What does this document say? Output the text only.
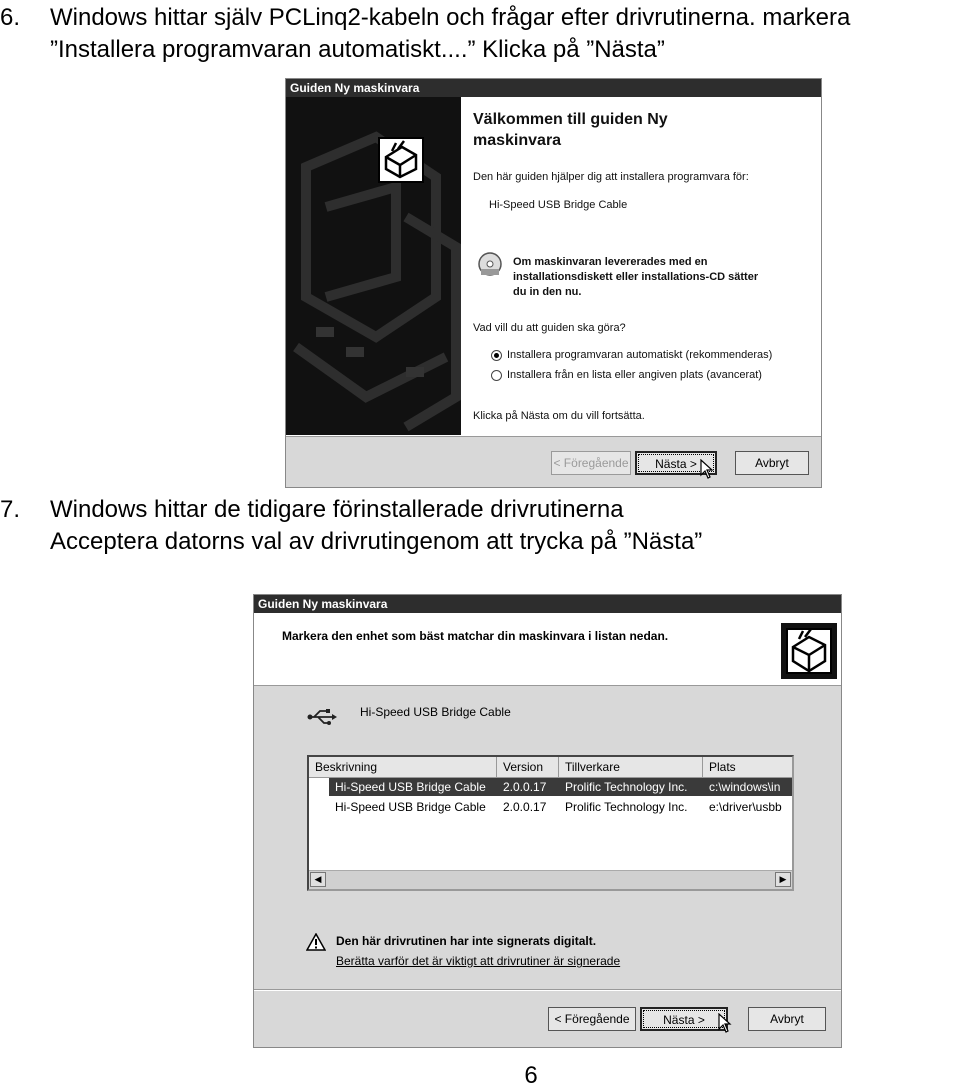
6. Windows hittar själv PCLinq2-kabeln och frågar efter drivrutinerna. markera
”Installera programvaran automatiskt....” Klicka på ”Nästa”
Guiden Ny maskinvara
Välkommen till guiden Ny
maskinvara
Den här guiden hjälper dig att installera programvara för:
Hi-Speed USB Bridge Cable
Om maskinvaran levererades med en
installationsdiskett eller installations-CD sätter
du in den nu.
Vad vill du att guiden ska göra?
Installera programvaran automatiskt (rekommenderas)
Installera från en lista eller angiven plats (avancerat)
Klicka på Nästa om du vill fortsätta.
< Föregående	Nästa >	Avbryt
7. Windows hittar de tidigare förinstallerade drivrutinerna
Acceptera datorns val av drivrutingenom att trycka på ”Nästa”
Guiden Ny maskinvara
Markera den enhet som bäst matchar din maskinvara i listan nedan.
Hi-Speed USB Bridge Cable
Beskrivning	Version	Tillverkare	Plats
Hi-Speed USB Bridge Cable	2.0.0.17	Prolific Technology Inc.	c:\windows\in
Hi-Speed USB Bridge Cable	2.0.0.17	Prolific Technology Inc.	e:\driver\usbb
◀	▶
Den här drivrutinen har inte signerats digitalt.
Berätta varför det är viktigt att drivrutiner är signerade
< Föregående	Nästa >	Avbryt
6
